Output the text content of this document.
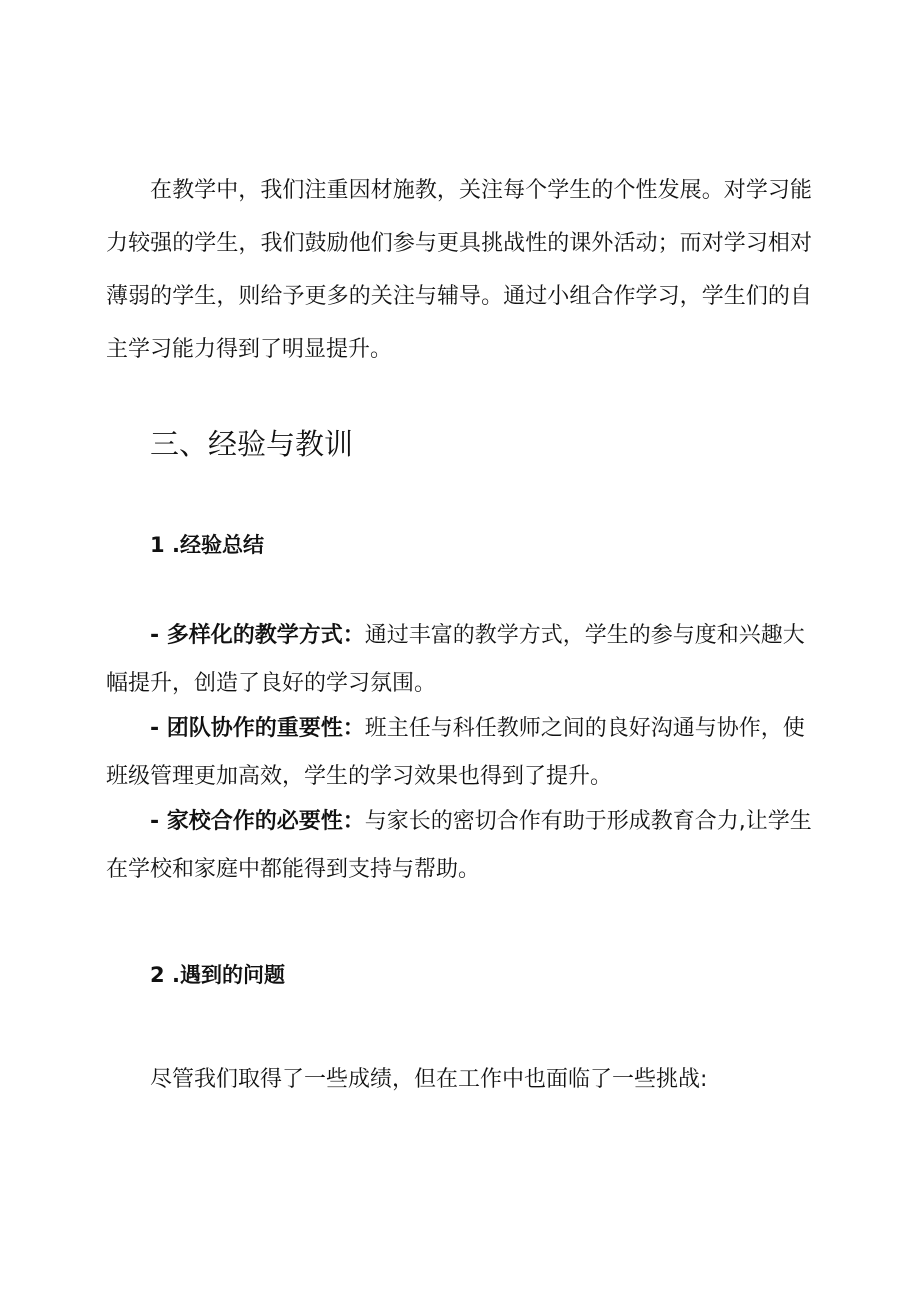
在教学中，我们注重因材施教，关注每个学生的个性发展。对学习能力较强的学生，我们鼓励他们参与更具挑战性的课外活动；而对学习相对薄弱的学生，则给予更多的关注与辅导。通过小组合作学习，学生们的自主学习能力得到了明显提升。

三、经验与教训
1 .经验总结

- 多样化的教学方式：通过丰富的教学方式，学生的参与度和兴趣大幅提升，创造了良好的学习氛围。

- 团队协作的重要性：班主任与科任教师之间的良好沟通与协作，使班级管理更加高效，学生的学习效果也得到了提升。

- 家校合作的必要性：与家长的密切合作有助于形成教育合力,让学生在学校和家庭中都能得到支持与帮助。

2 .遇到的问题

尽管我们取得了一些成绩，但在工作中也面临了一些挑战:
